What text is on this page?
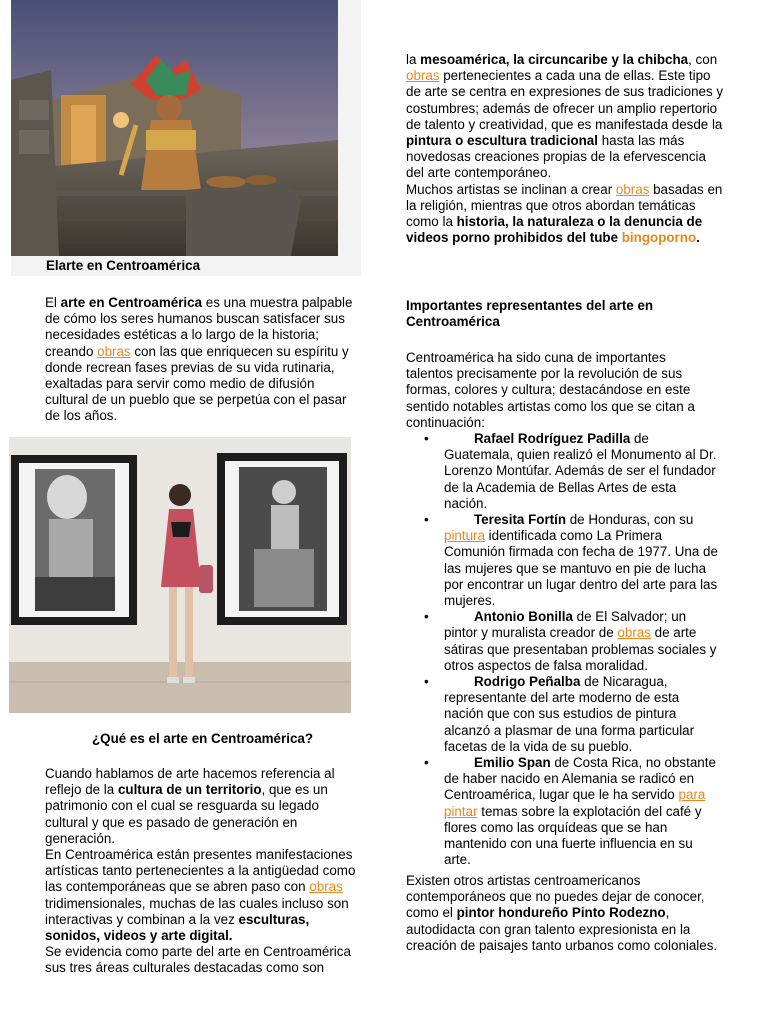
Elarte en Centroamérica

El arte en Centroamérica es una muestra palpable de cómo los seres humanos buscan satisfacer sus necesidades estéticas a lo largo de la historia; creando obras con las que enriquecen su espíritu y donde recrean fases previas de su vida rutinaria, exaltadas para servir como medio de difusión cultural de un pueblo que se perpetúa con el pasar de los años.

¿Qué es el arte en Centroamérica?

Cuando hablamos de arte hacemos referencia al reflejo de la cultura de un territorio, que es un patrimonio con el cual se resguarda su legado cultural y que es pasado de generación en generación.

En Centroamérica están presentes manifestaciones artísticas tanto pertenecientes a la antigüedad como las contemporáneas que se abren paso con obras tridimensionales, muchas de las cuales incluso son interactivas y combinan a la vez esculturas, sonidos, videos y arte digital.

Se evidencia como parte del arte en Centroamérica sus tres áreas culturales destacadas como son

la mesoamérica, la circuncaribe y la chibcha, con obras pertenecientes a cada una de ellas. Este tipo de arte se centra en expresiones de sus tradiciones y costumbres; además de ofrecer un amplio repertorio de talento y creatividad, que es manifestada desde la pintura o escultura tradicional hasta las más novedosas creaciones propias de la efervescencia del arte contemporáneo.

Muchos artistas se inclinan a crear obras basadas en la religión, mientras que otros abordan temáticas como la historia, la naturaleza o la denuncia de videos porno prohibidos del tube bingoporno.

Importantes representantes del arte en Centroamérica

Centroamérica ha sido cuna de importantes talentos precisamente por la revolución de sus formas, colores y cultura; destacándose en este sentido notables artistas como los que se citan a continuación:

• Rafael Rodríguez Padilla de Guatemala, quien realizó el Monumento al Dr. Lorenzo Montúfar. Además de ser el fundador de la Academia de Bellas Artes de esta nación.
• Teresita Fortín de Honduras, con su pintura identificada como La Primera Comunión firmada con fecha de 1977. Una de las mujeres que se mantuvo en pie de lucha por encontrar un lugar dentro del arte para las mujeres.
• Antonio Bonilla de El Salvador; un pintor y muralista creador de obras de arte sátiras que presentaban problemas sociales y otros aspectos de falsa moralidad.
• Rodrigo Peñalba de Nicaragua, representante del arte moderno de esta nación que con sus estudios de pintura alcanzó a plasmar de una forma particular facetas de la vida de su pueblo.
• Emilio Span de Costa Rica, no obstante de haber nacido en Alemania se radicó en Centroamérica, lugar que le ha servido para pintar temas sobre la explotación del café y flores como las orquídeas que se han mantenido con una fuerte influencia en su arte.

Existen otros artistas centroamericanos contemporáneos que no puedes dejar de conocer, como el pintor hondureño Pinto Rodezno, autodidacta con gran talento expresionista en la creación de paisajes tanto urbanos como coloniales.
